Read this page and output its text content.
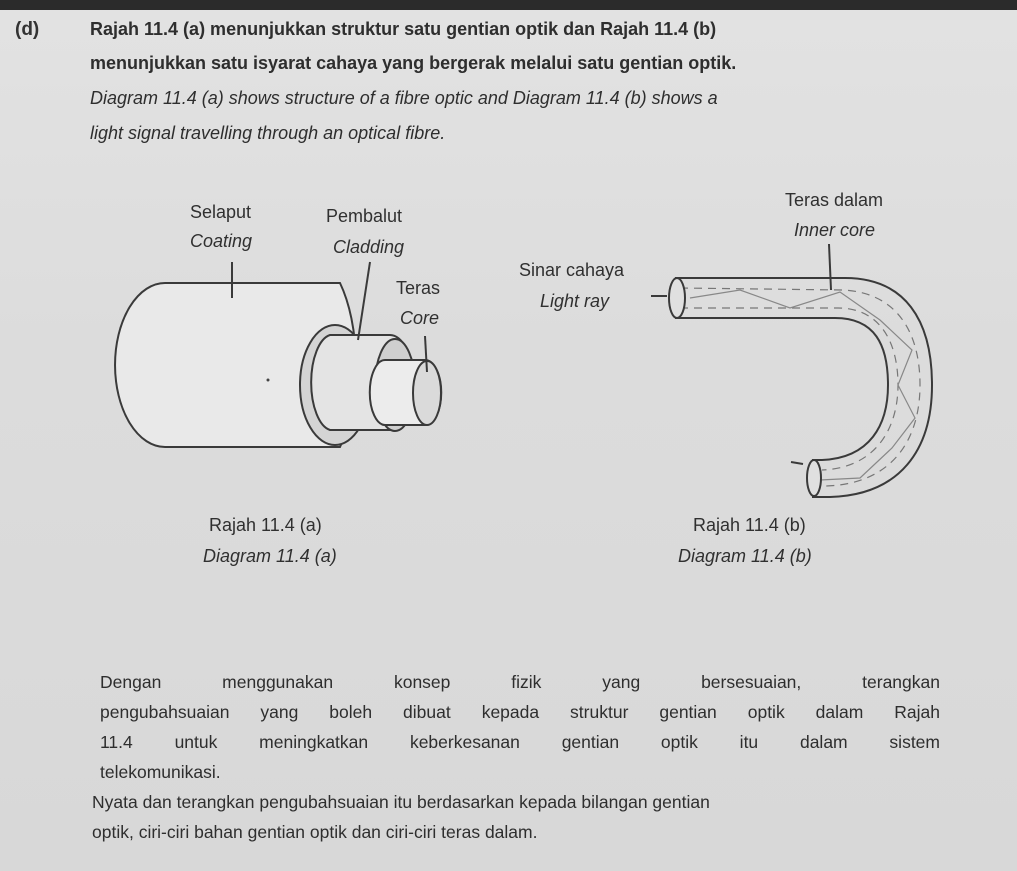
(d)	Rajah 11.4 (a) menunjukkan struktur satu gentian optik dan Rajah 11.4 (b)
menunjukkan satu isyarat cahaya yang bergerak melalui satu gentian optik.
Diagram 11.4 (a) shows structure of a fibre optic and Diagram 11.4 (b) shows a
light signal travelling through an optical fibre.
Selaput
Coating
Pembalut
Cladding
Teras
Core
Teras dalam
Inner core
Sinar cahaya
Light ray
Rajah 11.4 (a)
Diagram 11.4 (a)
Rajah 11.4 (b)
Diagram 11.4 (b)
Dengan menggunakan konsep fizik yang bersesuaian, terangkan
pengubahsuaian yang boleh dibuat kepada struktur gentian optik dalam Rajah
11.4 untuk meningkatkan keberkesanan gentian optik itu dalam sistem
telekomunikasi.
Nyata dan terangkan pengubahsuaian itu berdasarkan kepada bilangan gentian
optik, ciri-ciri bahan gentian optik dan ciri-ciri teras dalam.
